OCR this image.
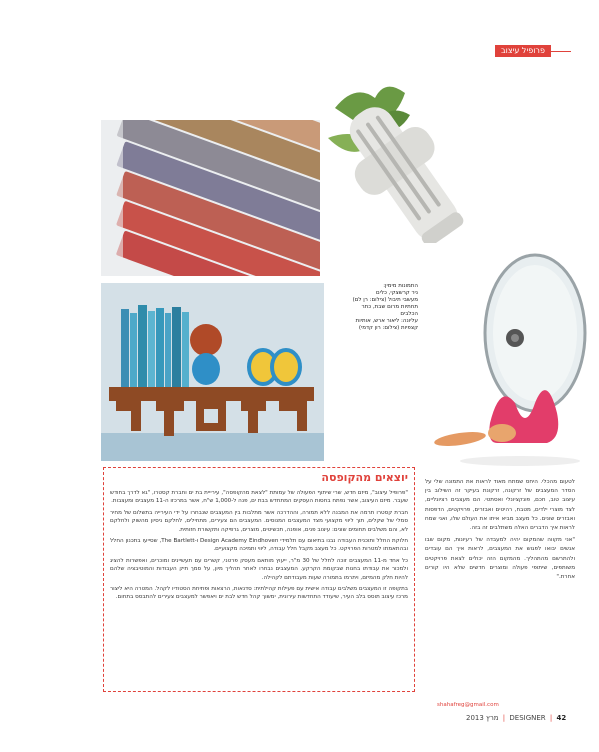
פרופיל עיצוב
התמונות מימין:
ניר קרשצקי, כלים
מעשבי תיבול (צילום: רן לם)
תחתיות מרום שבת, כתר
הכלבים
עליונה: ליאור ארש, אותיות
קצפיות (צילום: רון קדמי)
יוצאים מהקופסה

"פרופיל עיצוב", מיזם חדש, שרי שיתוף הפעולה של עמותת "לצאת מהקופסה", עירייית בת ים וחברת קסטרו, "גא לדרך בחודש שעבר. מיזם העיצוב, אשר נפתח בחסות העסקים המתחדש בבת ים, פנה ל-1,000 ש"ח, אשר במרכזו ה-11 מעצבים ומעצבות.

חברת קסטרו תרמה את המבנה ללא תמורה, וההדרכה אשר מתלבות בין המעצבים שנבחרו על ידי העירייה בתשלום של מחיר סמלי של שקלים, תוך ליווי מקצועי מצד המעצבים המנוסים. המעצבים הם צעירים, מתחילים, לחלקם ניסיון מהשוק ולחלקם לא, והם משלבים תחומים שונים: עיצוב פנים, אופנה, תכשיטים, מוצרים, גרפיקה ותקשורת חזותית.

חלוקת החלל ותוכנית העבודה נבנו בתיאום עם תלמידי Design Academy Eindhoven ו-The Bartlett, שסייעו בתכנון החלל ובהתאמתו למטרות הפרויקט. כל מעצב מקבל חלל עבודה, ליווי ותמיכה מקצועיים.

כל אחד מ-11 המעצבים זוכה לחלל של 30 מ"ר, ייעוץ מותאם מעסק פרטני, קשרים עם תעשיינים ומוכרים, ואפשרות להציג ולמכור את עבודתו בחנות שבקומת הקרקע. המעצבים נבחרו לאחר תהליך מיון, על סמך תיק העבודות והמוטיבציה שלהם להיות חלק מהמיזם, ויתרמו בתמורה שעות מעבודתם לקהילה.

בתקופה זו המעצבים משלבים עבודה אישית עם פעילות קהילתית: סדנאות, הרצאות ופתיחת הסטודיו לקהל. המטרה היא ליצור מרכז עיצוב תוסס בלב העיר, שיעודד התחדשות עירונית, ימשוך קהל חדש לבת ים ויאפשר למעצבים צעירים להתבסס בתחום.

לטעום מהכלי. היחס שמתח מאוד לראות את התמונה שלי על הסדר המעצבים של זרקונה, זרקונת בעיקר זה השילוב בין עיצוב טוב, חכם, פונקציונלי ואסתטי. הם מעצבים רציונליים, לצד מוצרי ילדים, מטבח, רהיטים ואבזרים, פרויקטים, הדפסות ואבזרים שונים. כל מעצב מביא איתו את העולם שלו, ואני שמח לראות איך הדברים האלה משתלבים זה בזה.

"אני מקווה שהמקום יהיה למעבדה של רעיונות, מקום שבו אנשים יבואו לפגוש את המעצבים, לראות איך הם עובדים ולהתרשם מהתהליך. מהמקום הזה יכולים לצאת פרויקטים משותפים, שיתופי פעולה ומוצרים חדשים שלא היו קורים אחרת."

shahafreg@gmail.com
מרץ 2013 | DESIGNER | 42
